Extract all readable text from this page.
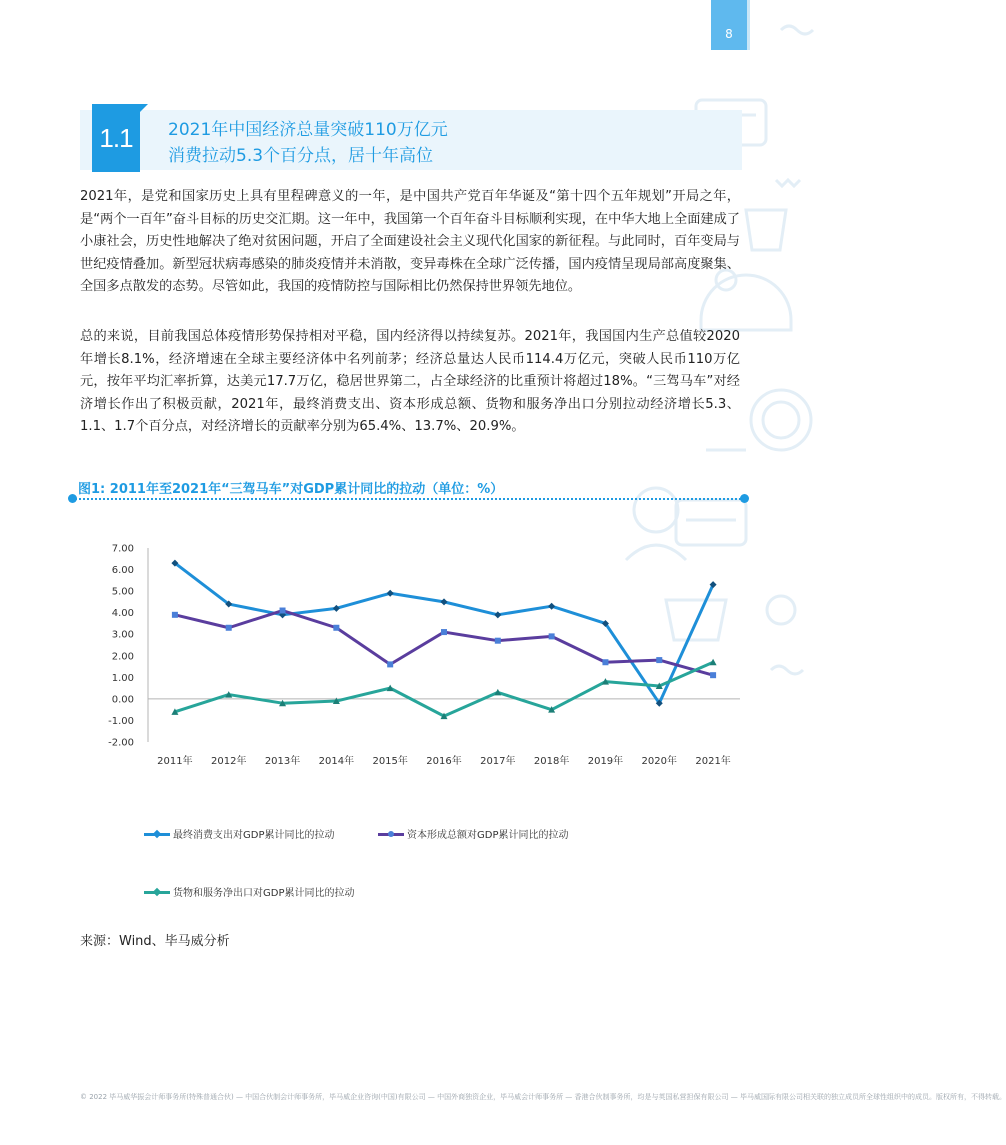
8
1.1	2021年中国经济总量突破110万亿元
消费拉动5.3个百分点，居十年高位
2021年，是党和国家历史上具有里程碑意义的一年，是中国共产党百年华诞及“第十四个五年规划”开局之年，是“两个一百年”奋斗目标的历史交汇期。这一年中，我国第一个百年奋斗目标顺利实现，在中华大地上全面建成了小康社会，历史性地解决了绝对贫困问题，开启了全面建设社会主义现代化国家的新征程。与此同时，百年变局与世纪疫情叠加。新型冠状病毒感染的肺炎疫情并未消散，变异毒株在全球广泛传播，国内疫情呈现局部高度聚集、全国多点散发的态势。尽管如此，我国的疫情防控与国际相比仍然保持世界领先地位。
总的来说，目前我国总体疫情形势保持相对平稳，国内经济得以持续复苏。2021年，我国国内生产总值较2020年增长8.1%，经济增速在全球主要经济体中名列前茅；经济总量达人民币114.4万亿元，突破人民币110万亿元，按年平均汇率折算，达美元17.7万亿，稳居世界第二，占全球经济的比重预计将超过18%。“三驾马车”对经济增长作出了积极贡献，2021年，最终消费支出、资本形成总额、货物和服务净出口分别拉动经济增长5.3、1.1、1.7个百分点，对经济增长的贡献率分别为65.4%、13.7%、20.9%。
图1: 2011年至2021年“三驾马车”对GDP累计同比的拉动（单位：%）
7.00
6.00
5.00
4.00
3.00
2.00
1.00
0.00
-1.00
-2.00
2011年 2012年 2013年 2014年 2015年 2016年 2017年 2018年 2019年 2020年 2021年
最终消费支出对GDP累计同比的拉动	资本形成总额对GDP累计同比的拉动
货物和服务净出口对GDP累计同比的拉动
来源：Wind、毕马威分析
© 2022 毕马威华振会计师事务所(特殊普通合伙) — 中国合伙制会计师事务所，毕马威企业咨询(中国)有限公司 — 中国外商独资企业，毕马威会计师事务所 — 香港合伙制事务所，均是与英国私营担保有限公司 — 毕马威国际有限公司相关联的独立成员所全球性组织中的成员。版权所有，不得转载。
